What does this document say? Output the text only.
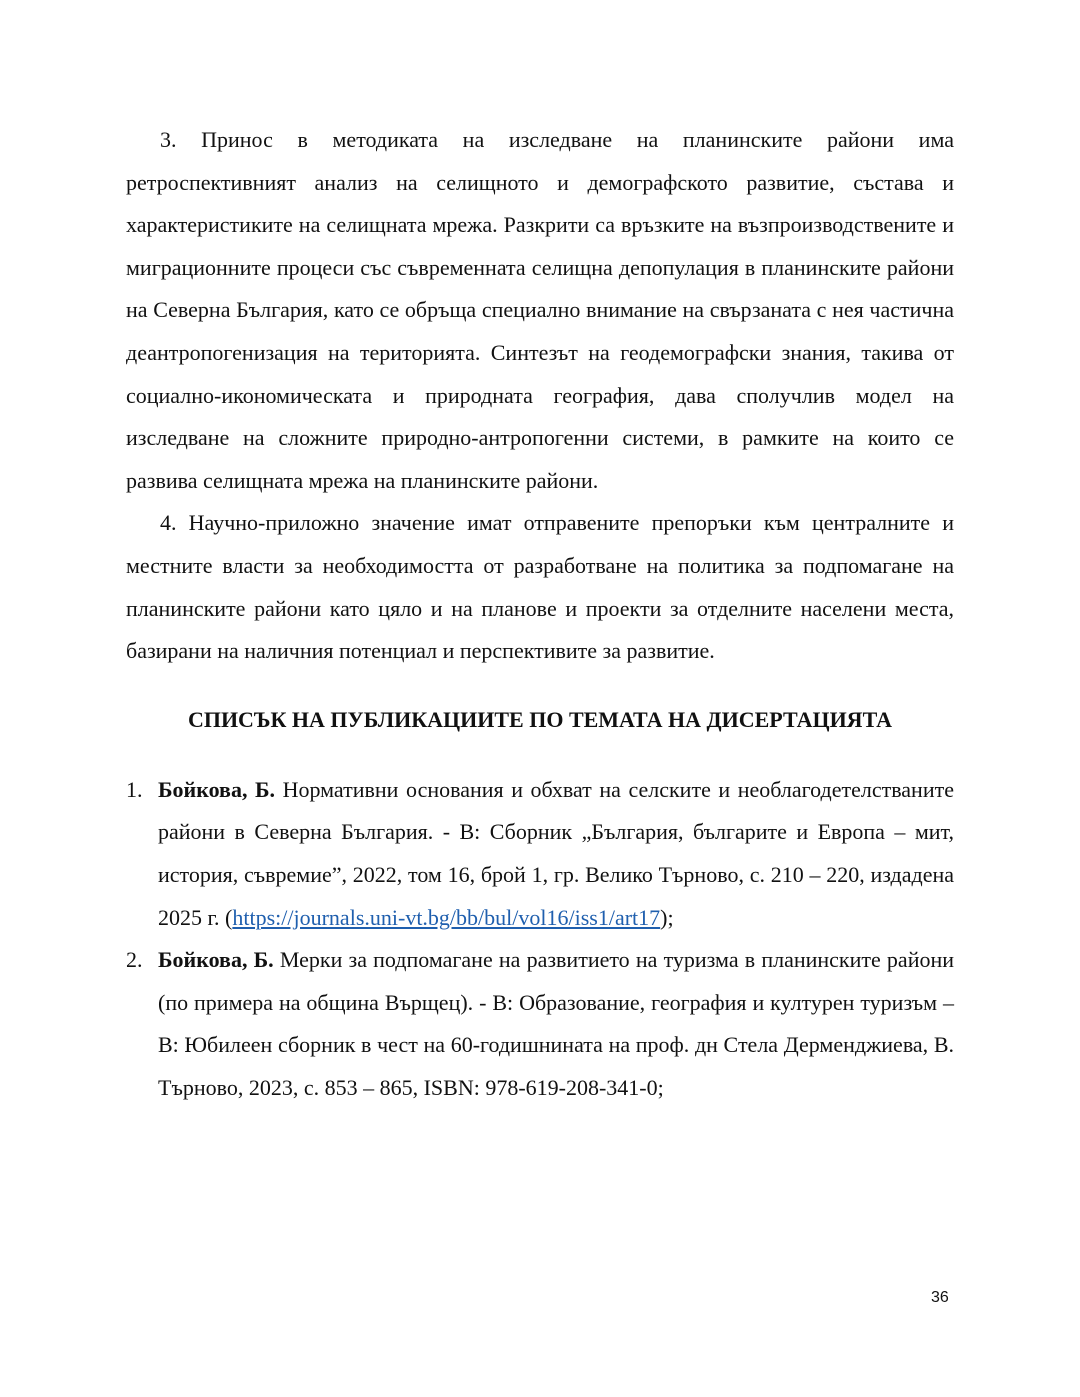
3. Принос в методиката на изследване на планинските райони има ретроспективният анализ на селищното и демографското развитие, състава и характеристиките на селищната мрежа. Разкрити са връзките на възпроизводствените и миграционните процеси със съвременната селищна депопулация в планинските райони на Северна България, като се обръща специално внимание на свързаната с нея частична деантропогенизация на територията. Синтезът на геодемографски знания, такива от социално-икономическата и природната география, дава сполучлив модел на изследване на сложните природно-антропогенни системи, в рамките на които се развива селищната мрежа на планинските райони.

4. Научно-приложно значение имат отправените препоръки към централните и местните власти за необходимостта от разработване на политика за подпомагане на планинските райони като цяло и на планове и проекти за отделните населени места, базирани на наличния потенциал и перспективите за развитие.

СПИСЪК НА ПУБЛИКАЦИИТЕ ПО ТЕМАТА НА ДИСЕРТАЦИЯТА
1. Бойкова, Б. Нормативни основания и обхват на селските и необлагодетелстваните райони в Северна България. - В: Сборник „България, българите и Европа – мит, история, съвремие”, 2022, том 16, брой 1, гр. Велико Търново, с. 210 – 220, издадена 2025 г. (https://journals.uni-vt.bg/bb/bul/vol16/iss1/art17);
2. Бойкова, Б. Мерки за подпомагане на развитието на туризма в планинските райони (по примера на община Върщец). - В: Образование, география и културен туризъм – В: Юбилеен сборник в чест на 60-годишнината на проф. дн Стела Дерменджиева, В. Търново, 2023, с. 853 – 865, ISBN: 978-619-208-341-0;
36
